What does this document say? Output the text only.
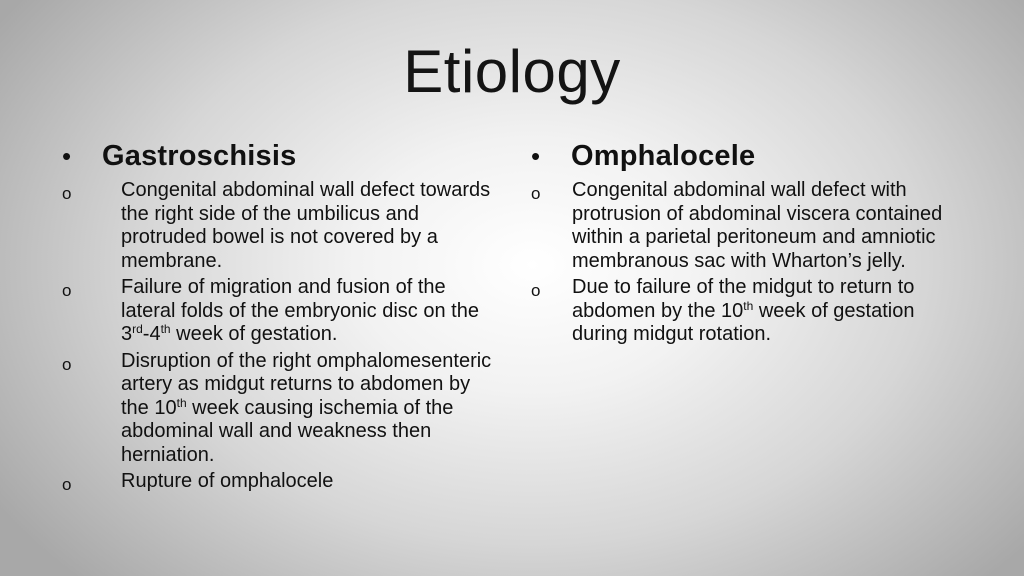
Etiology
•	Gastroschisis
o Congenital abdominal wall defect towards the right side of the umbilicus and protruded bowel is not covered by a membrane.
o Failure of migration and fusion of the lateral folds of the embryonic disc on the 3rd-4th week of gestation.
o Disruption of the right omphalomesenteric artery as midgut returns to abdomen by the 10th week causing ischemia of the abdominal wall and weakness then herniation.
o Rupture of omphalocele
•	Omphalocele
o Congenital abdominal wall defect with protrusion of abdominal viscera contained within a parietal peritoneum and amniotic membranous sac with Wharton’s jelly.
o Due to failure of the midgut to return to abdomen by the 10th week of gestation during midgut rotation.
